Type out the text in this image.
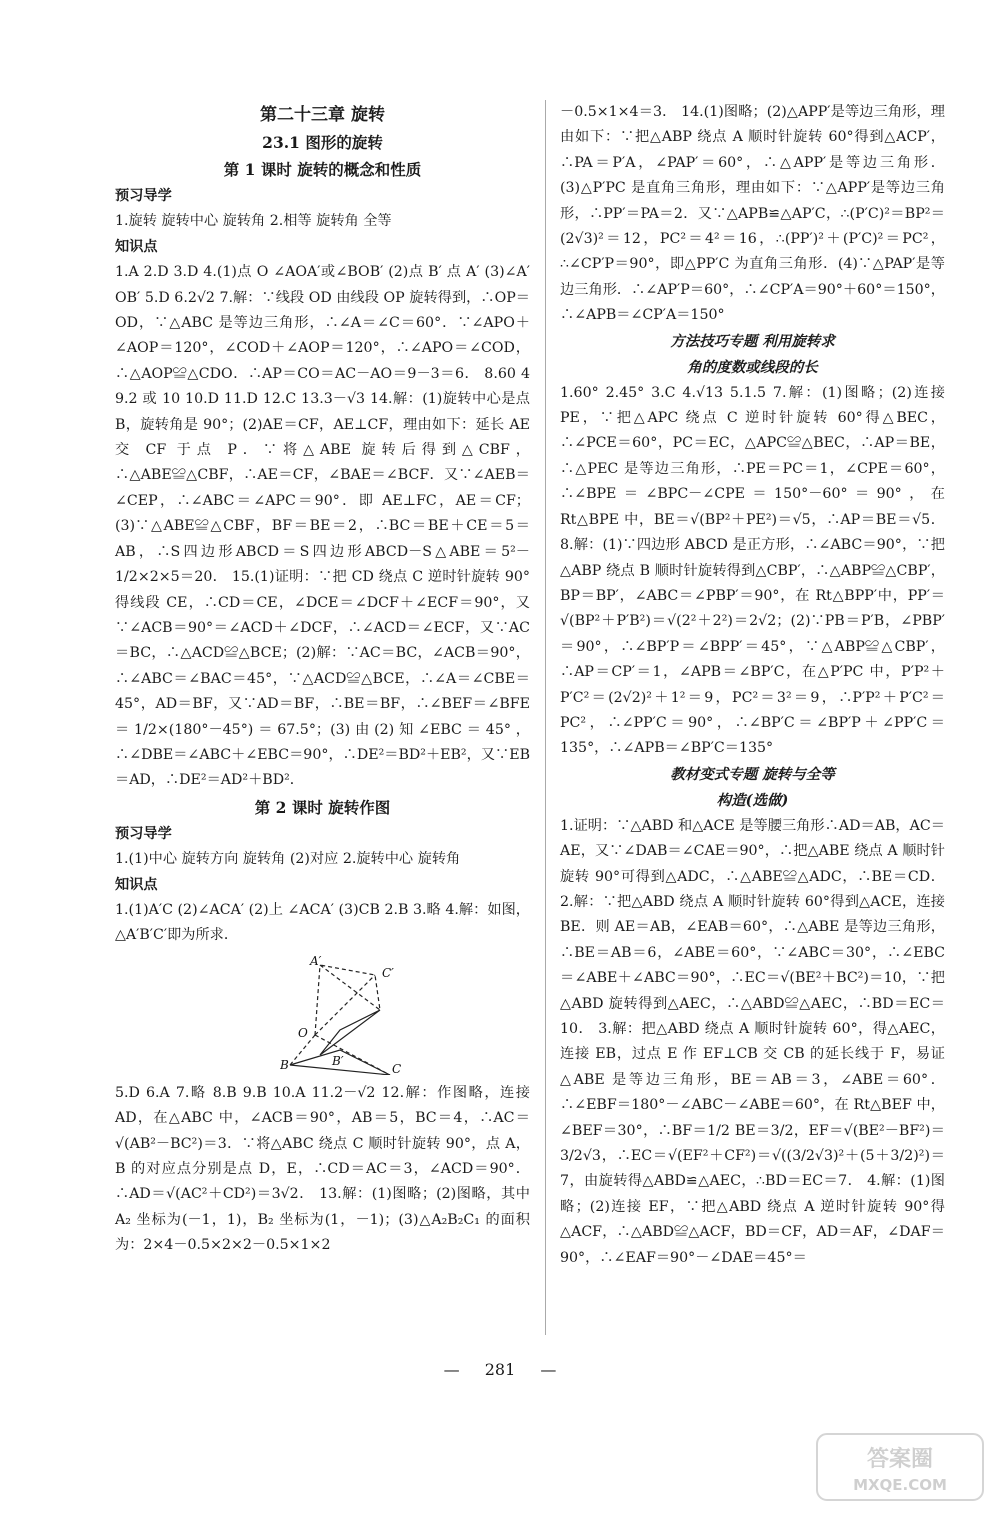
第二十三章 旋转
23.1 图形的旋转
第 1 课时 旋转的概念和性质
预习导学

1.旋转 旋转中心 旋转角 2.相等 旋转角 全等

知识点

1.A 2.D 3.D 4.(1)点 O ∠AOA′或∠BOB′ (2)点 B′ 点 A′ (3)∠A′ OB′ 5.D 6.2√2 7.解：∵线段 OD 由线段 OP 旋转得到，∴OP＝OD，∵△ABC 是等边三角形，∴∠A＝∠C＝60°．∵∠APO＋∠AOP＝120°，∠COD＋∠AOP＝120°，∴∠APO＝∠COD，∴△AOP≌△CDO．∴AP＝CO＝AC－AO＝9－3＝6． 8.60 4 9.2 或 10 10.D 11.D 12.C 13.3－√3 14.解：(1)旋转中心是点 B，旋转角是 90°；(2)AE＝CF，AE⊥CF，理由如下：延长 AE 交 CF 于点 P．∵将△ABE 旋转后得到△CBF，∴△ABE≌△CBF，∴AE＝CF，∠BAE＝∠BCF．又∵∠AEB＝∠CEP，∴∠ABC＝∠APC＝90°．即 AE⊥FC，AE＝CF；(3)∵△ABE≌△CBF，BF＝BE＝2，∴BC＝BE＋CE＝5＝AB，∴S四边形ABCD＝S四边形ABCD－S△ABE＝5²－1/2×2×5＝20． 15.(1)证明：∵把 CD 绕点 C 逆时针旋转 90°得线段 CE，∴CD＝CE，∠DCE＝∠DCF＋∠ECF＝90°，又∵∠ACB＝90°＝∠ACD＋∠DCF，∴∠ACD＝∠ECF，又∵AC＝BC，∴△ACD≌△BCE；(2)解：∵AC＝BC，∠ACB＝90°，∴∠ABC＝∠BAC＝45°，∵△ACD≌△BCE，∴∠A＝∠CBE＝45°，AD＝BF，又∵AD＝BF，∴BE＝BF，∴∠BEF＝∠BFE＝1/2×(180°－45°)＝67.5°；(3)由(2)知∠EBC＝45°，∴∠DBE＝∠ABC＋∠EBC＝90°，∴DE²＝BD²＋EB²，又∵EB＝AD，∴DE²＝AD²＋BD²．

第 2 课时 旋转作图
预习导学

1.(1)中心 旋转方向 旋转角 (2)对应 2.旋转中心 旋转角

知识点

1.(1)A′C (2)∠ACA′ (2)上 ∠ACA′ (3)CB 2.B 3.略 4.解：如图，△A′B′C′即为所求．

A′
C′
O
B	B′
C

5.D 6.A 7.略 8.B 9.B 10.A 11.2－√2 12.解：作图略，连接 AD，在△ABC 中，∠ACB＝90°，AB＝5，BC＝4，∴AC＝√(AB²－BC²)＝3．∵将△ABC 绕点 C 顺时针旋转 90°，点 A，B 的对应点分别是点 D，E，∴CD＝AC＝3，∠ACD＝90°．∴AD＝√(AC²＋CD²)＝3√2． 13.解：(1)图略；(2)图略，其中 A₂ 坐标为(－1，1)，B₂ 坐标为(1，－1)；(3)△A₂B₂C₁ 的面积为：2×4－0.5×2×2－0.5×1×2

－0.5×1×4＝3． 14.(1)图略；(2)△APP′是等边三角形，理由如下：∵把△ABP 绕点 A 顺时针旋转 60°得到△ACP′，∴PA＝P′A，∠PAP′＝60°，∴△APP′是等边三角形．(3)△P′PC 是直角三角形，理由如下：∵△APP′是等边三角形，∴PP′＝PA＝2．又∵△APB≌△AP′C，∴(P′C)²＝BP²＝(2√3)²＝12，PC²＝4²＝16，∴(PP′)²＋(P′C)²＝PC²，∴∠CP′P＝90°，即△PP′C 为直角三角形．(4)∵△PAP′是等边三角形．∴∠AP′P＝60°，∴∠CP′A＝90°＋60°＝150°，∴∠APB＝∠CP′A＝150°

方法技巧专题 利用旋转求
角的度数或线段的长

1.60° 2.45° 3.C 4.√13 5.1.5 7.解：(1)图略；(2)连接 PE，∵把△APC 绕点 C 逆时针旋转 60°得△BEC，∴∠PCE＝60°，PC＝EC，△APC≌△BEC，∴AP＝BE，∴△PEC 是等边三角形，∴PE＝PC＝1，∠CPE＝60°，∴∠BPE＝∠BPC－∠CPE＝150°－60°＝90°，在 Rt△BPE 中，BE＝√(BP²＋PE²)＝√5，∴AP＝BE＝√5． 8.解：(1)∵四边形 ABCD 是正方形，∴∠ABC＝90°，∵把△ABP 绕点 B 顺时针旋转得到△CBP′，∴△ABP≌△CBP′，BP＝BP′，∠ABC＝∠PBP′＝90°，在 Rt△BPP′中，PP′＝√(BP²＋P′B²)＝√(2²＋2²)＝2√2；(2)∵PB＝P′B，∠PBP′＝90°，∴∠BP′P＝∠BPP′＝45°，∵△ABP≌△CBP′，∴AP＝CP′＝1，∠APB＝∠BP′C，在△P′PC 中，P′P²＋P′C²＝(2√2)²＋1²＝9，PC²＝3²＝9，∴P′P²＋P′C²＝PC²，∴∠PP′C＝90°，∴∠BP′C＝∠BP′P＋∠PP′C＝135°，∴∠APB＝∠BP′C＝135°

教材变式专题 旋转与全等
构造(选做)

1.证明：∵△ABD 和△ACE 是等腰三角形∴AD＝AB，AC＝AE，又∵∠DAB＝∠CAE＝90°，∴把△ABE 绕点 A 顺时针旋转 90°可得到△ADC，∴△ABE≌△ADC，∴BE＝CD． 2.解：∵把△ABD 绕点 A 顺时针旋转 60°得到△ACE，连接 BE．则 AE＝AB，∠EAB＝60°，∴△ABE 是等边三角形，∴BE＝AB＝6，∠ABE＝60°，∵∠ABC＝30°，∴∠EBC＝∠ABE＋∠ABC＝90°，∴EC＝√(BE²＋BC²)＝10，∵把△ABD 旋转得到△AEC，∴△ABD≌△AEC，∴BD＝EC＝10． 3.解：把△ABD 绕点 A 顺时针旋转 60°，得△AEC，连接 EB，过点 E 作 EF⊥CB 交 CB 的延长线于 F，易证△ABE 是等边三角形，BE＝AB＝3，∠ABE＝60°．∴∠EBF＝180°－∠ABC－∠ABE＝60°，在 Rt△BEF 中，∠BEF＝30°，∴BF＝1/2 BE＝3/2，EF＝√(BE²－BF²)＝3/2√3，∴EC＝√(EF²＋CF²)＝√((3/2√3)²＋(5＋3/2)²)＝7，由旋转得△ABD≌△AEC，∴BD＝EC＝7． 4.解：(1)图略；(2)连接 EF，∵把△ABD 绕点 A 逆时针旋转 90°得△ACF，∴△ABD≌△ACF，BD＝CF，AD＝AF，∠DAF＝90°，∴∠EAF＝90°－∠DAE＝45°＝

— 281 —
答案圈
MXQE.COM
